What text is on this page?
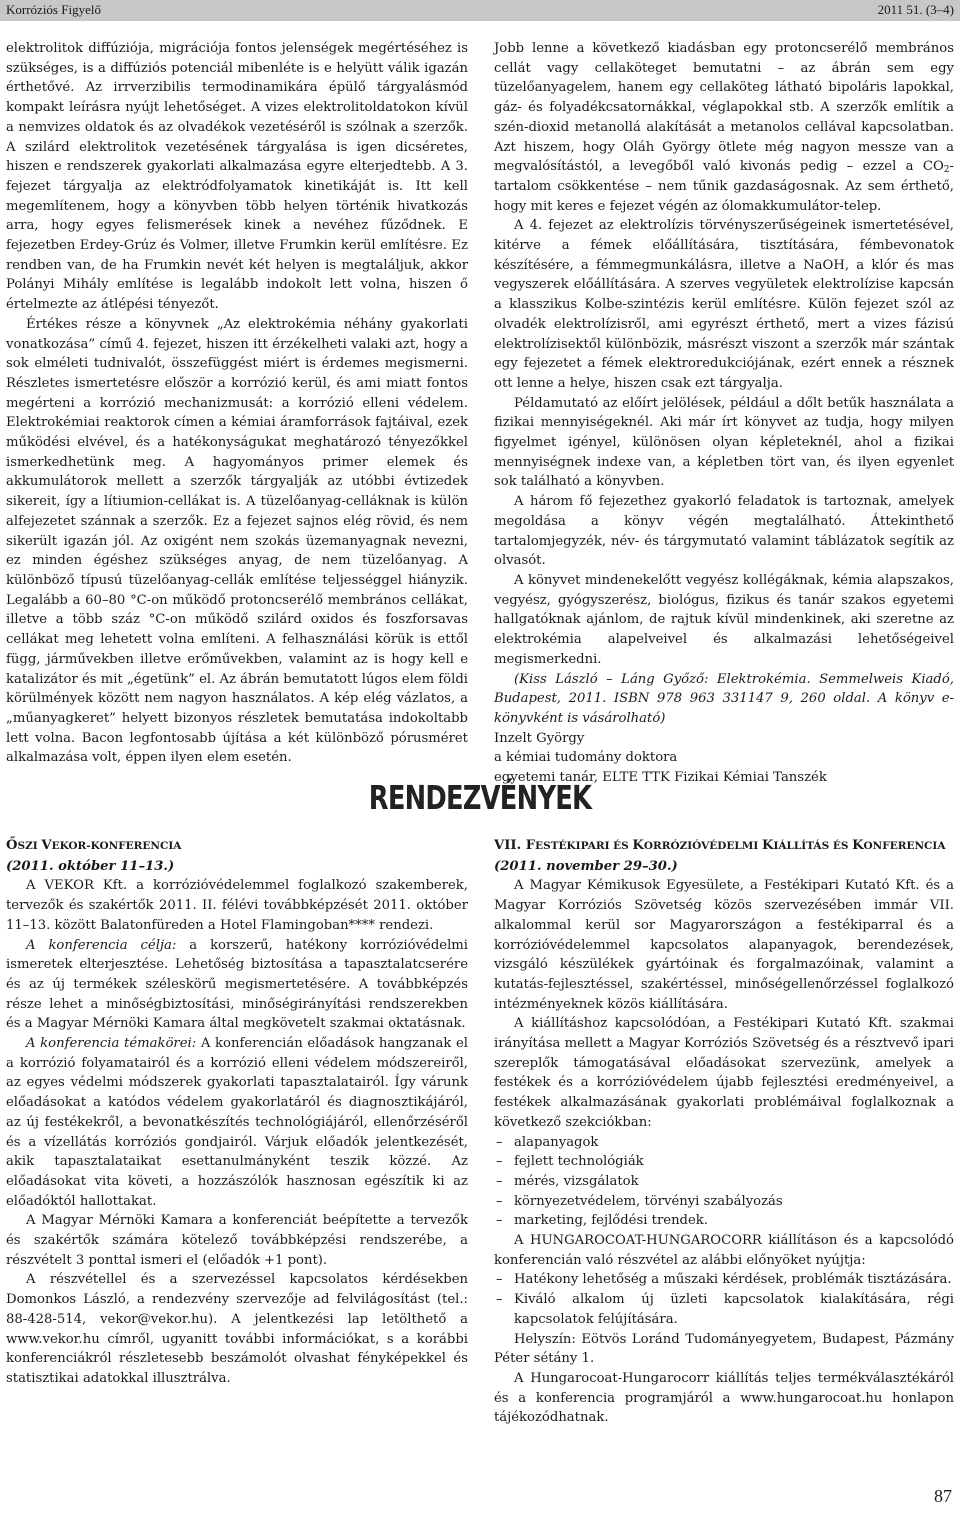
Korróziós Figyelő	2011 51. (3–4)

elektrolitok diffúziója, migrációja fontos jelenségek megértéséhez is szükséges, is a diffúziós potenciál mibenléte is e helyütt válik igazán érthetővé. Az irrverzibilis termodinamikára épülő tárgyalásmód kompakt leírásra nyújt lehetőséget. A vizes elektrolitoldatokon kívül a nemvizes oldatok és az olvadékok vezetéséről is szólnak a szerzők. A szilárd elektrolitok vezetésének tárgyalása is igen dicséretes, hiszen e rendszerek gyakorlati alkalmazása egyre elterjedtebb. A 3. fejezet tárgyalja az elektródfolyamatok kinetikáját is. Itt kell megemlítenem, hogy a könyvben több helyen történik hivatkozás arra, hogy egyes felismerések kinek a nevéhez fűződnek. E fejezetben Erdey-Grúz és Volmer, illetve Frumkin kerül említésre. Ez rendben van, de ha Frumkin nevét két helyen is megtaláljuk, akkor Polányi Mihály említése is legalább indokolt lett volna, hiszen ő értelmezte az átlépési tényezőt.

Értékes része a könyvnek „Az elektrokémia néhány gyakorlati vonatkozása” című 4. fejezet, hiszen itt érzékelheti valaki azt, hogy a sok elméleti tudnivalót, összefüggést miért is érdemes megismerni. Részletes ismertetésre először a korrózió kerül, és ami miatt fontos megérteni a korrózió mechanizmusát: a korrózió elleni védelem. Elektrokémiai reaktorok címen a kémiai áramforrások fajtáival, ezek működési elvével, és a hatékonyságukat meghatározó tényezőkkel ismerkedhetünk meg. A hagyományos primer elemek és akkumulátorok mellett a szerzők tárgyalják az utóbbi évtizedek sikereit, így a lítiumion-cellákat is. A tüzelőanyag-celláknak is külön alfejezetet szánnak a szerzők. Ez a fejezet sajnos elég rövid, és nem sikerült igazán jól. Az oxigént nem szokás üzemanyagnak nevezni, ez minden égéshez szükséges anyag, de nem tüzelőanyag. A különböző típusú tüzelőanyag-cellák említése teljességgel hiányzik. Legalább a 60–80 °C-on működő protoncserélő membrános cellákat, illetve a több száz °C-on működő szilárd oxidos és foszforsavas cellákat meg lehetett volna említeni. A felhasználási körük is ettől függ, járművekben illetve erőművekben, valamint az is hogy kell e katalizátor és mit „égetünk” el. Az ábrán bemutatott lúgos elem földi körülmények között nem nagyon használatos. A kép elég vázlatos, a „műanyagkeret” helyett bizonyos részletek bemutatása indokoltabb lett volna. Bacon legfontosabb újítása a két különböző pórusméret alkalmazása volt, éppen ilyen elem esetén.

Jobb lenne a következő kiadásban egy protoncserélő membrános cellát vagy cellaköteget bemutatni – az ábrán sem egy tüzelőanyagelem, hanem egy cellaköteg látható bipoláris lapokkal, gáz- és folyadékcsatornákkal, véglapokkal stb. A szerzők említik a szén-dioxid metanollá alakítását a metanolos cellával kapcsolatban. Azt hiszem, hogy Oláh György ötlete még nagyon messze van a megvalósítástól, a levegőből való kivonás pedig – ezzel a $CO_2$-tartalom csökkentése – nem tűnik gazdaságosnak. Az sem érthető, hogy mit keres e fejezet végén az ólomakkumulátor-telep.

A 4. fejezet az elektrolízis törvényszerűségeinek ismertetésével, kitérve a fémek előállítására, tisztítására, fémbevonatok készítésére, a fémmegmunkálásra, illetve a NaOH, a klór és mas vegyszerek előállítására. A szerves vegyületek elektrolízise kapcsán a klasszikus Kolbe-szintézis kerül említésre. Külön fejezet szól az olvadék elektrolízisről, ami egyrészt érthető, mert a vizes fázisú elektrolízisektől különbözik, másrészt viszont a szerzők már szántak egy fejezetet a fémek elektroredukciójának, ezért ennek a résznek ott lenne a helye, hiszen csak ezt tárgyalja.

Példamutató az előírt jelölések, például a dőlt betűk használata a fizikai mennyiségeknél. Aki már írt könyvet az tudja, hogy milyen figyelmet igényel, különösen olyan képleteknél, ahol a fizikai mennyiségnek indexe van, a képletben tört van, és ilyen egyenlet sok található a könyvben.

A három fő fejezethez gyakorló feladatok is tartoznak, amelyek megoldása a könyv végén megtalálható. Áttekinthető tartalomjegyzék, név- és tárgymutató valamint táblázatok segítik az olvasót.

A könyvet mindenekelőtt vegyész kollégáknak, kémia alapszakos, vegyész, gyógyszerész, biológus, fizikus és tanár szakos egyetemi hallgatóknak ajánlom, de rajtuk kívül mindenkinek, aki szeretne az elektrokémia alapelveivel és alkalmazási lehetőségeivel megismerkedni.

(Kiss László – Láng Győző: Elektrokémia. Semmelweis Kiadó, Budapest, 2011. ISBN 978 963 331147 9, 260 oldal. A könyv e-könyvként is vásárolható)

Inzelt György

a kémiai tudomány doktora

egyetemi tanár, ELTE TTK Fizikai Kémiai Tanszék

RENDEZVÉNYEK

ŐSZI VEKOR-KONFERENCIA

(2011. október 11–13.)

A VEKOR Kft. a korrózióvédelemmel foglalkozó szakemberek, tervezők és szakértők 2011. II. félévi továbbképzését 2011. október 11–13. között Balatonfüreden a Hotel Flamingoban**** rendezi.

A konferencia célja: a korszerű, hatékony korrózióvédelmi ismeretek elterjesztése. Lehetőség biztosítása a tapasztalatcserére és az új termékek széleskörű megismertetésére. A továbbképzés része lehet a minőségbiztosítási, minőségirányítási rendszerekben és a Magyar Mérnöki Kamara által megkövetelt szakmai oktatásnak.

A konferencia témakörei: A konferencián előadások hangzanak el a korrózió folyamatairól és a korrózió elleni védelem módszereiről, az egyes védelmi módszerek gyakorlati tapasztalatairól. Így várunk előadásokat a katódos védelem gyakorlatáról és diagnosztikájáról, az új festékekről, a bevonatkészítés technológiájáról, ellenőrzéséről és a vízellátás korróziós gondjairól. Várjuk előadók jelentkezését, akik tapasztalataikat esettanulmányként teszik közzé. Az előadásokat vita követi, a hozzászólók hasznosan egészítik ki az előadóktól hallottakat.

A Magyar Mérnöki Kamara a konferenciát beépítette a tervezők és szakértők számára kötelező továbbképzési rendszerébe, a részvételt 3 ponttal ismeri el (előadók +1 pont).

A részvétellel és a szervezéssel kapcsolatos kérdésekben Domonkos László, a rendezvény szervezője ad felvilágosítást (tel.: 88-428-514, vekor@vekor.hu). A jelentkezési lap letölthető a www.vekor.hu címről, ugyanitt további információkat, s a korábbi konferenciákról részletesebb beszámolót olvashat fényképekkel és statisztikai adatokkal illusztrálva.

VII. FESTÉKIPARI ÉS KORRÓZIÓVÉDELMI KIÁLLÍTÁS ÉS KONFERENCIA

(2011. november 29–30.)

A Magyar Kémikusok Egyesülete, a Festékipari Kutató Kft. és a Magyar Korróziós Szövetség közös szervezésében immár VII. alkalommal kerül sor Magyarországon a festékiparral és a korrózióvédelemmel kapcsolatos alapanyagok, berendezések, vizsgáló készülékek gyártóinak és forgalmazóinak, valamint a kutatás-fejlesztéssel, szakértéssel, minőségellenőrzéssel foglalkozó intézményeknek közös kiállítására.

A kiállításhoz kapcsolódóan, a Festékipari Kutató Kft. szakmai irányítása mellett a Magyar Korróziós Szövetség és a résztvevő ipari szereplők támogatásával előadásokat szervezünk, amelyek a festékek és a korrózióvédelem újabb fejlesztési eredményeivel, a festékek alkalmazásának gyakorlati problémáival foglalkoznak a következő szekciókban:

– alapanyagok
– fejlett technológiák
– mérés, vizsgálatok
– környezetvédelem, törvényi szabályozás
– marketing, fejlődési trendek.

A HUNGAROCOAT-HUNGAROCORR kiállításon és a kapcsolódó konferencián való részvétel az alábbi előnyöket nyújtja:

– Hatékony lehetőség a műszaki kérdések, problémák tisztázására.
– Kiváló alkalom új üzleti kapcsolatok kialakítására, régi kapcsolatok felújítására.

Helyszín: Eötvös Loránd Tudományegyetem, Budapest, Pázmány Péter sétány 1.

A Hungarocoat-Hungarocorr kiállítás teljes termékválasztékáról és a konferencia programjáról a www.hungarocoat.hu honlapon tájékozódhatnak.

87
